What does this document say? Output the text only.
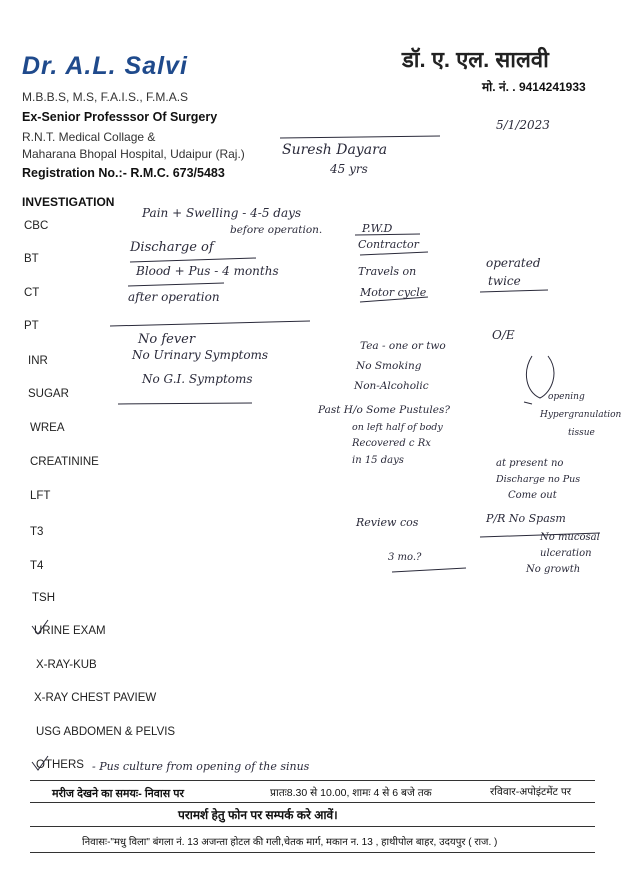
Dr. A.L. Salvi	डॉ. ए. एल. सालवी
मो. नं. . 9414241933
M.B.B.S, M.S, F.A.I.S., F.M.A.S
Ex-Senior Professsor Of Surgery
R.N.T. Medical Collage &
Maharana Bhopal Hospital, Udaipur (Raj.)
Registration No.:- R.M.C. 673/5483
INVESTIGATION
CBC
BT
CT
PT
INR
SUGAR
WREA
CREATININE
LFT
T3
T4
TSH
URINE EXAM
X-RAY-KUB
X-RAY CHEST PAVIEW
USG ABDOMEN & PELVIS
OTHERS
5/1/2023
Suresh Dayara
45 yrs
Pain + Swelling - 4-5 days
before operation.
Discharge of
Blood + Pus - 4 months
after operation
No fever
No Urinary Symptoms
No G.I. Symptoms
P.W.D
Contractor
Travels on
Motor cycle
Tea - one or two
No Smoking
Non-Alcoholic
Past H/o Some Pustules?
on left half of body
Recovered c Rx
in 15 days
Review cos
3 mo.?
operated
twice
O/E
opening
Hypergranulation
tissue
at present no
Discharge no Pus
Come out
P/R No Spasm
No mucosal
ulceration
No growth
- Pus culture from opening of the sinus
मरीज देखने का समयः- निवास पर	प्रातः8.30 से 10.00, शामः 4 से 6 बजे तक	रविवार-अपोइंटमेंट पर
परामर्श हेतु फोन पर सम्पर्क करे आवें।
निवासः-"मधु विला" बंगला नं. 13 अजन्ता होटल की गली,चेतक मार्ग, मकान न. 13 , हाथीपोल बाहर, उदयपुर ( राज. )
